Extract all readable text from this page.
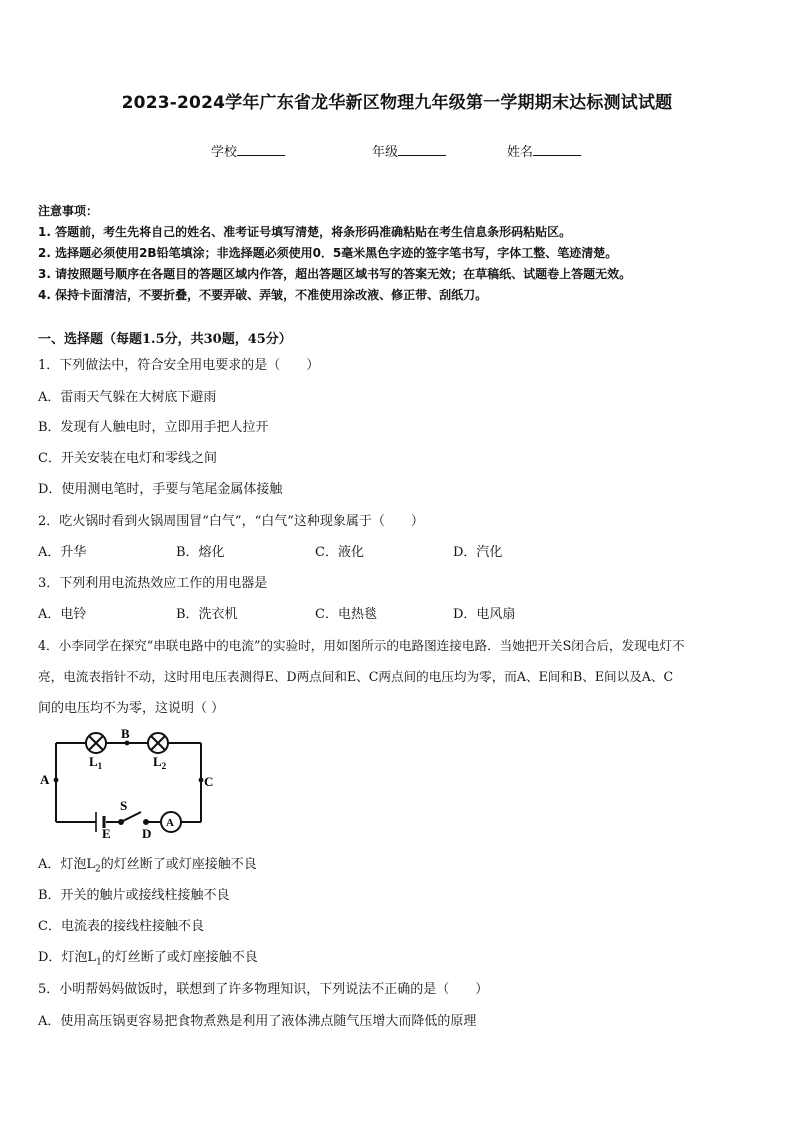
2023-2024学年广东省龙华新区物理九年级第一学期期末达标测试试题
学校	年级	姓名
注意事项：
1. 答题前，考生先将自己的姓名、准考证号填写清楚，将条形码准确粘贴在考生信息条形码粘贴区。
2. 选择题必须使用2B铅笔填涂；非选择题必须使用0．5毫米黑色字迹的签字笔书写，字体工整、笔迹清楚。
3. 请按照题号顺序在各题目的答题区域内作答，超出答题区域书写的答案无效；在草稿纸、试题卷上答题无效。
4. 保持卡面清洁，不要折叠，不要弄破、弄皱，不准使用涂改液、修正带、刮纸刀。
一、选择题（每题1.5分，共30题，45分）
1．下列做法中，符合安全用电要求的是（　　）
A．雷雨天气躲在大树底下避雨
B．发现有人触电时，立即用手把人拉开
C．开关安装在电灯和零线之间
D．使用测电笔时，手要与笔尾金属体接触
2．吃火锅时看到火锅周围冒“白气”，“白气”这种现象属于（　　）
A．升华	B．熔化	C．液化	D．汽化
3．下列利用电流热效应工作的用电器是
A．电铃	B．洗衣机	C．电热毯	D．电风扇
4．小李同学在探究“串联电路中的电流”的实验时，用如图所示的电路图连接电路．当她把开关S闭合后，发现电灯不
亮，电流表指针不动，这时用电压表测得E、D两点间和E、C两点间的电压均为零，而A、E间和B、E间以及A、C
间的电压均不为零，这说明（ ）
A
B
C
D
E
S
A
$L_1$	$L_2$
A．灯泡$L_2$的灯丝断了或灯座接触不良
B．开关的触片或接线柱接触不良
C．电流表的接线柱接触不良
D．灯泡$L_1$的灯丝断了或灯座接触不良
5．小明帮妈妈做饭时，联想到了许多物理知识，下列说法不正确的是（　　）
A．使用高压锅更容易把食物煮熟是利用了液体沸点随气压增大而降低的原理
